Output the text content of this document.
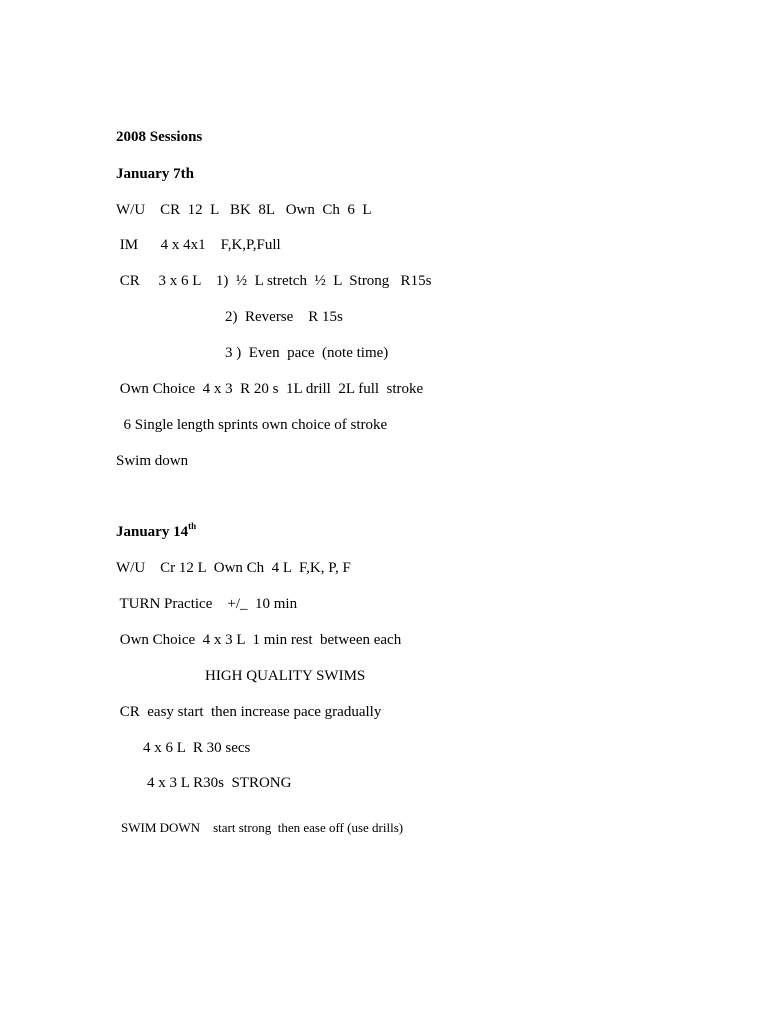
2008 Sessions
January 7th
W/U    CR  12  L   BK  8L   Own  Ch  6  L
IM      4 x 4x1    F,K,P,Full
CR     3 x 6 L    1)  ½  L stretch  ½  L  Strong   R15s
2)  Reverse    R 15s
3 )  Even  pace  (note time)
Own Choice  4 x 3  R 20 s  1L drill  2L full  stroke
6 Single length sprints own choice of stroke
Swim down
January 14th
W/U    Cr 12 L  Own Ch  4 L  F,K, P, F
TURN Practice    +/_  10 min
Own Choice  4 x 3 L  1 min rest  between each
HIGH QUALITY SWIMS
CR  easy start  then increase pace gradually
4 x 6 L  R 30 secs
4 x 3 L R30s  STRONG
SWIM DOWN start strong  then ease off (use drills)
